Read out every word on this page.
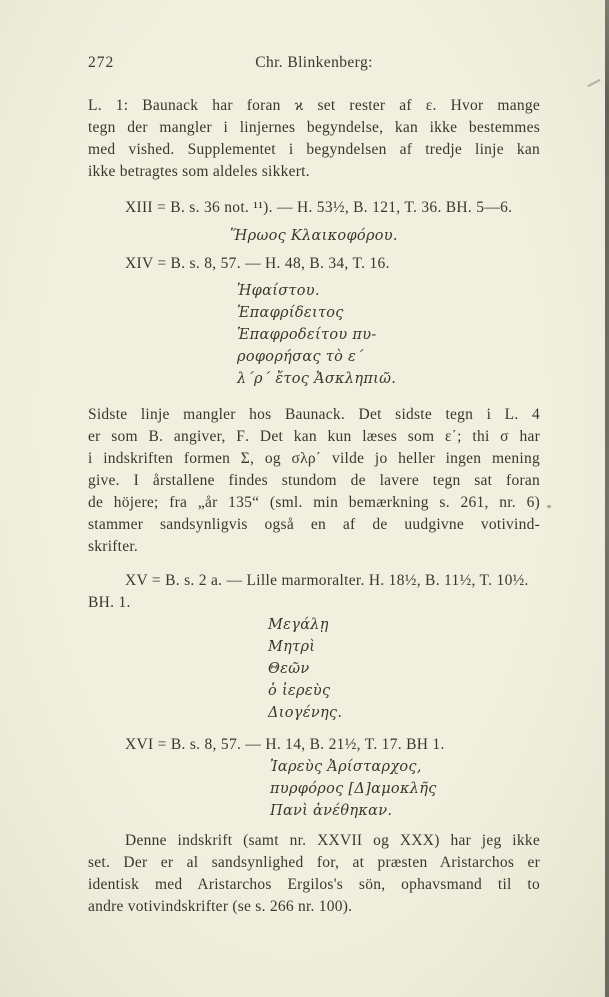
272	Chr. Blinkenberg:
L. 1: Baunack har foran ϰ set rester af ε. Hvor mange
tegn der mangler i linjernes begyndelse, kan ikke bestemmes
med vished. Supplementet i begyndelsen af tredje linje kan
ikke betragtes som aldeles sikkert.
XIII = B. s. 36 not. ¹¹). — H. 53½, B. 121, T. 36. BH. 5—6.
Ἥρωος Κλαικοφόρου.
XIV = B. s. 8, 57. — H. 48, B. 34, T. 16.
Ἡφαίστου.
Ἐπαφρίδειτος
Ἐπαφροδείτου πυ-
ροφορήσας τὸ ε΄
λ΄ρ΄ ἔτος Ἀσκληπιῶ.
Sidste linje mangler hos Baunack. Det sidste tegn i L. 4
er som B. angiver, Ϝ. Det kan kun læses som ε΄; thi σ har
i indskriften formen Σ, og σλρ΄ vilde jo heller ingen mening
give. I årstallene findes stundom de lavere tegn sat foran
de höjere; fra „år 135“ (sml. min bemærkning s. 261, nr. 6)
stammer sandsynligvis også en af de uudgivne votivind-
skrifter.
XV = B. s. 2 a. — Lille marmoralter. H. 18½, B. 11½, T. 10½.
BH. 1.
Μεγάλῃ
Μητρὶ
Θεῶν
ὁ ἱερεὺς
Διογένης.
XVI = B. s. 8, 57. — H. 14, B. 21½, T. 17. BH 1.
Ἰαρεὺς Ἀρίσταρχος,
πυρφόρος [Δ]αμοκλῆς
Πανὶ ἀνέθηκαν.
Denne indskrift (samt nr. XXVII og XXX) har jeg ikke
set. Der er al sandsynlighed for, at præsten Aristarchos er
identisk med Aristarchos Ergilos's sön, ophavsmand til to
andre votivindskrifter (se s. 266 nr. 100).
